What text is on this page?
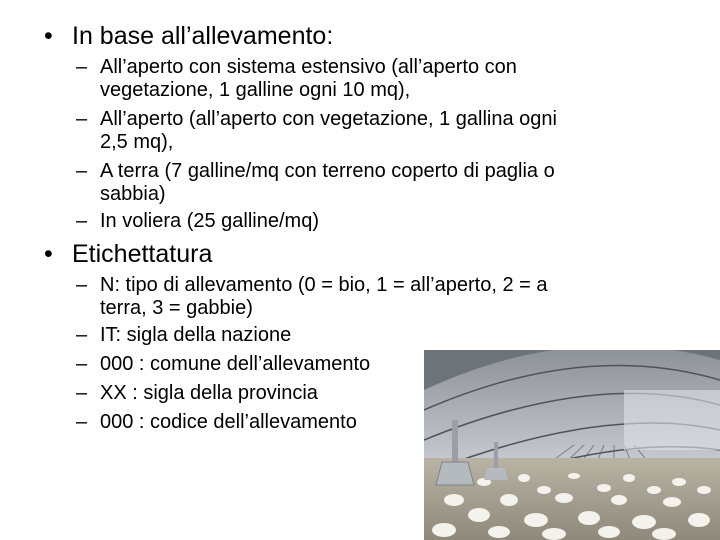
• In base all’allevamento:
– All’aperto con sistema estensivo (all’aperto con
vegetazione, 1 galline ogni 10 mq),
– All’aperto (all’aperto con vegetazione, 1 gallina ogni
2,5 mq),
– A terra (7 galline/mq con terreno coperto di paglia o
sabbia)
– In voliera (25 galline/mq)
• Etichettatura
– N: tipo di allevamento (0 = bio, 1 = all’aperto, 2 = a
terra, 3 = gabbie)
– IT: sigla della nazione
– 000 : comune dell’allevamento
– XX : sigla della provincia
– 000 : codice dell’allevamento
